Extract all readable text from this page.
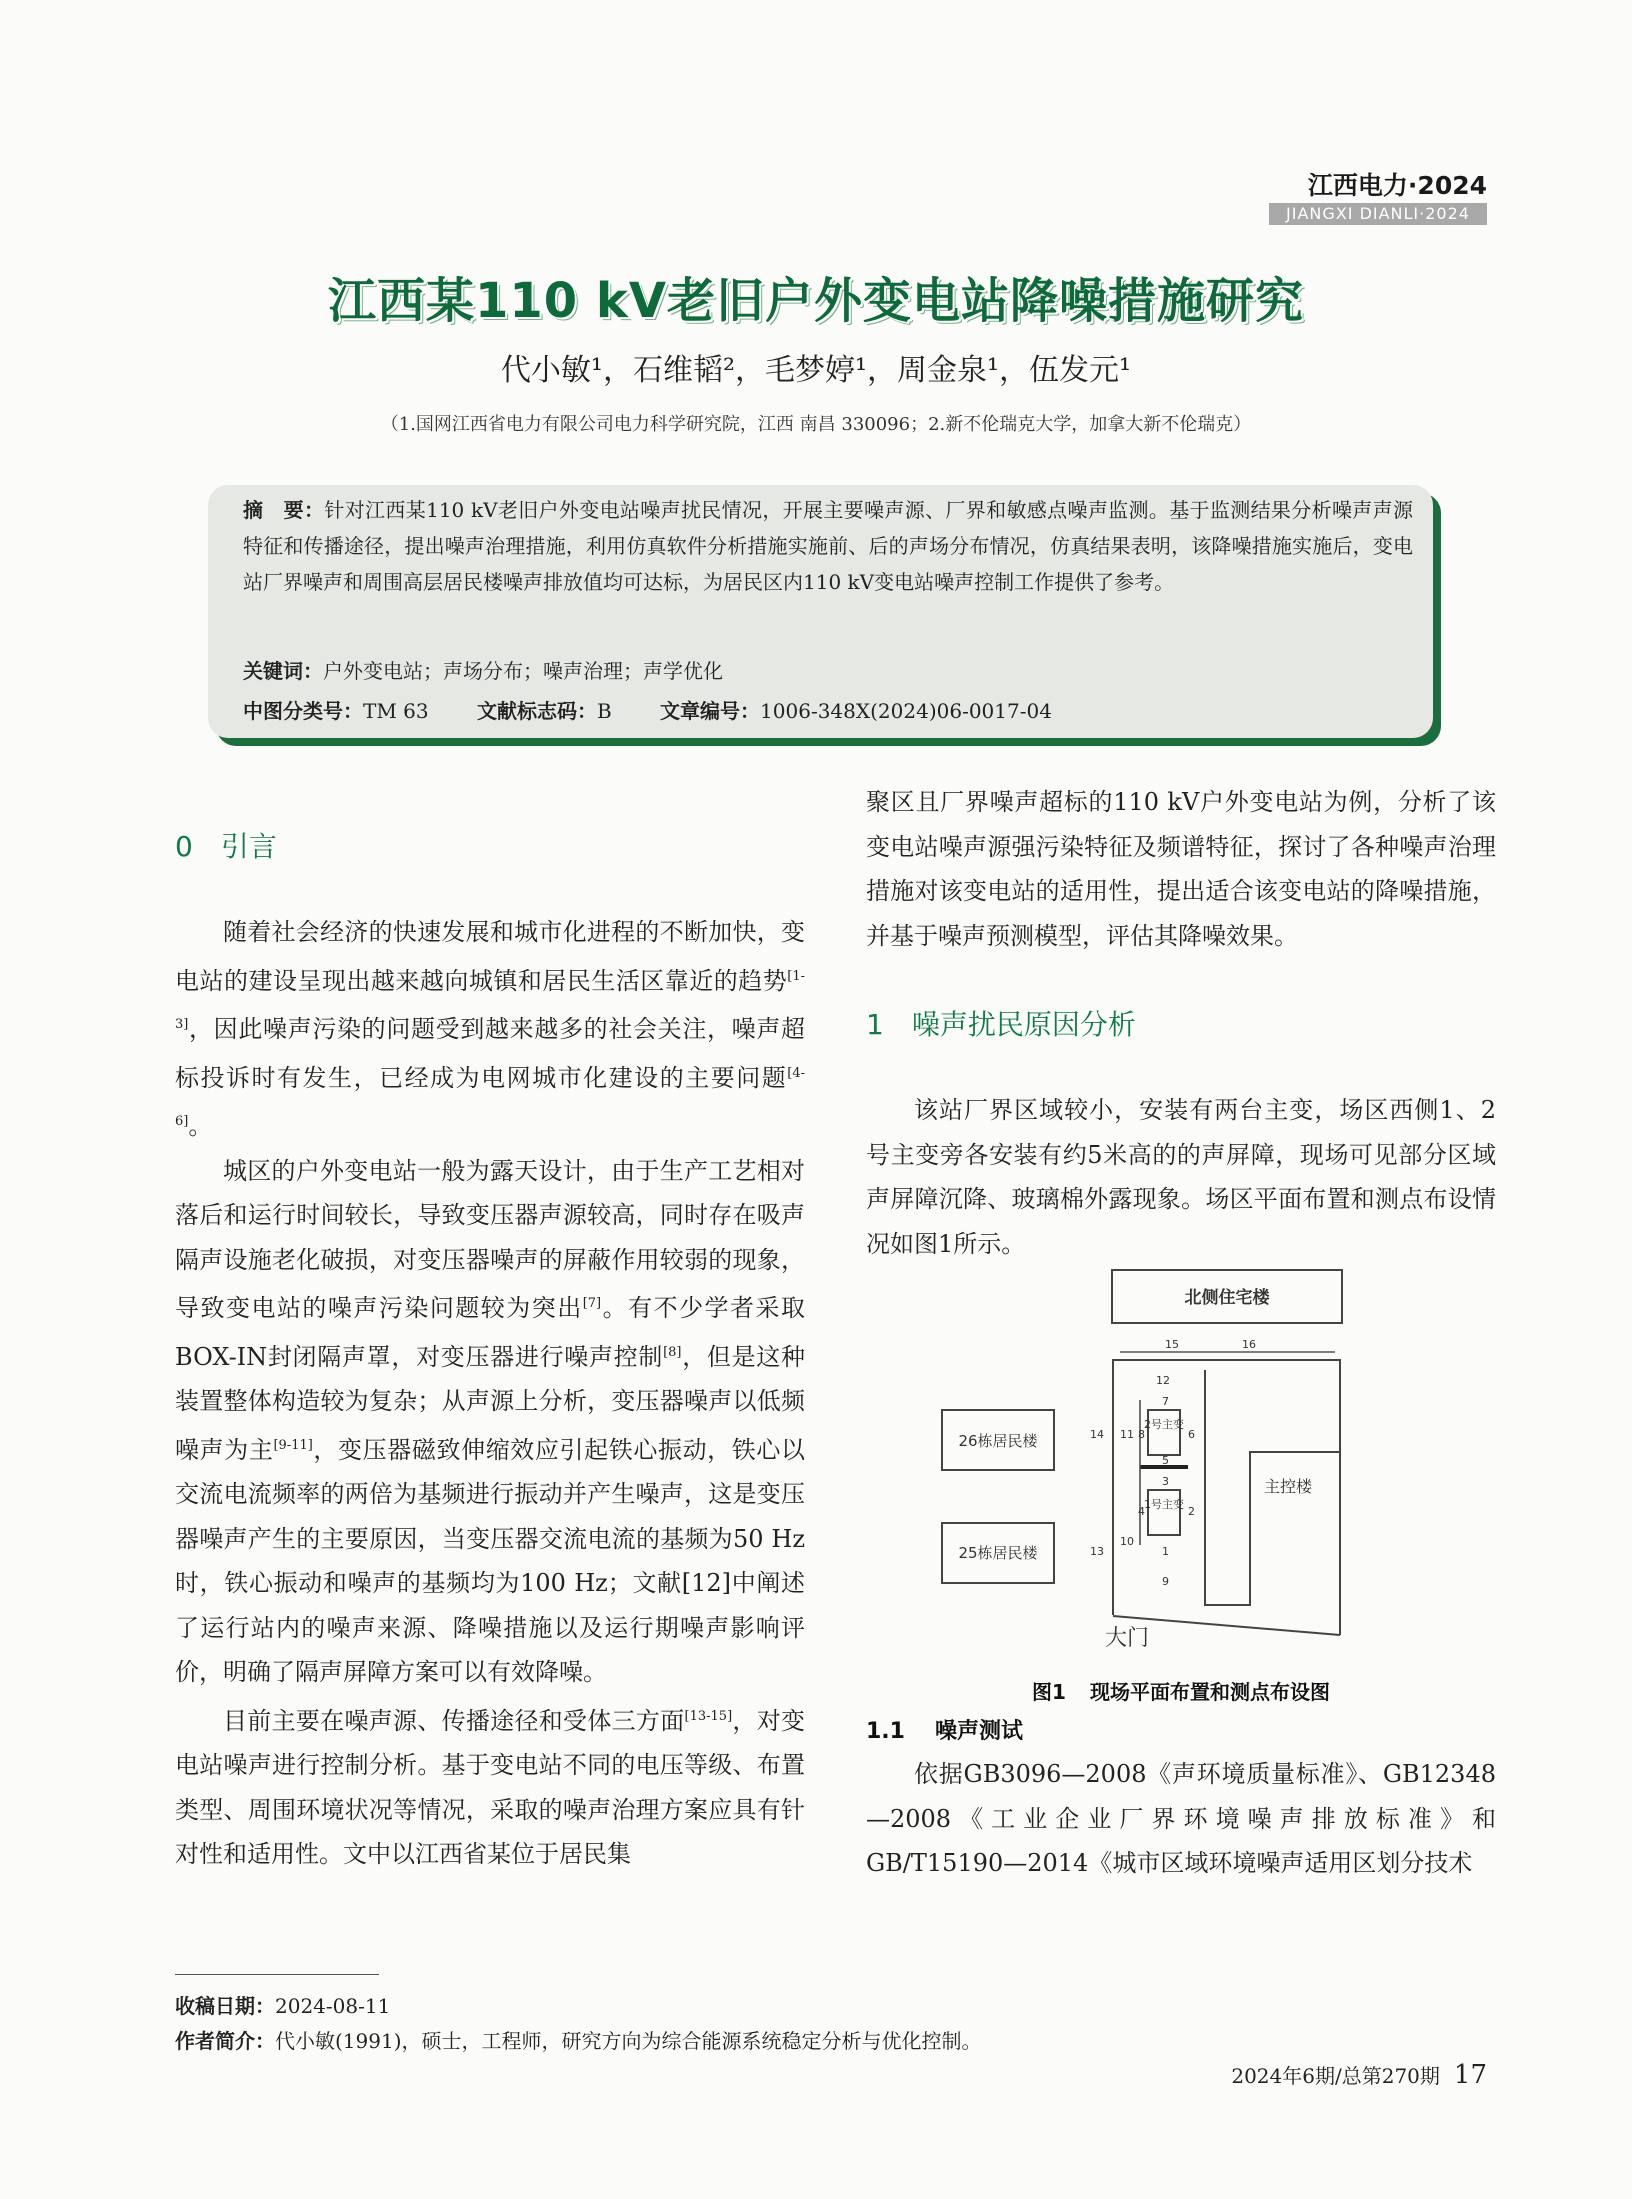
江西电力·2024
JIANGXI DIANLI·2024
江西某110 kV老旧户外变电站降噪措施研究
代小敏¹，石维韬²，毛梦婷¹，周金泉¹，伍发元¹
（1.国网江西省电力有限公司电力科学研究院，江西 南昌 330096；2.新不伦瑞克大学，加拿大新不伦瑞克）
摘　要：针对江西某110 kV老旧户外变电站噪声扰民情况，开展主要噪声源、厂界和敏感点噪声监测。基于监测结果分析噪声声源特征和传播途径，提出噪声治理措施，利用仿真软件分析措施实施前、后的声场分布情况，仿真结果表明，该降噪措施实施后，变电站厂界噪声和周围高层居民楼噪声排放值均可达标，为居民区内110 kV变电站噪声控制工作提供了参考。
关键词：户外变电站；声场分布；噪声治理；声学优化
中图分类号：TM 63 文献标志码：B 文章编号：1006-348X(2024)06-0017-04
0 引言

随着社会经济的快速发展和城市化进程的不断加快，变电站的建设呈现出越来越向城镇和居民生活区靠近的趋势[1-3]，因此噪声污染的问题受到越来越多的社会关注，噪声超标投诉时有发生，已经成为电网城市化建设的主要问题[4-6]。

城区的户外变电站一般为露天设计，由于生产工艺相对落后和运行时间较长，导致变压器声源较高，同时存在吸声隔声设施老化破损，对变压器噪声的屏蔽作用较弱的现象，导致变电站的噪声污染问题较为突出[7]。有不少学者采取BOX-IN封闭隔声罩，对变压器进行噪声控制[8]，但是这种装置整体构造较为复杂；从声源上分析，变压器噪声以低频噪声为主[9-11]，变压器磁致伸缩效应引起铁心振动，铁心以交流电流频率的两倍为基频进行振动并产生噪声，这是变压器噪声产生的主要原因，当变压器交流电流的基频为50 Hz时，铁心振动和噪声的基频均为100 Hz；文献[12]中阐述了运行站内的噪声来源、降噪措施以及运行期噪声影响评价，明确了隔声屏障方案可以有效降噪。

目前主要在噪声源、传播途径和受体三方面[13-15]，对变电站噪声进行控制分析。基于变电站不同的电压等级、布置类型、周围环境状况等情况，采取的噪声治理方案应具有针对性和适用性。文中以江西省某位于居民集

聚区且厂界噪声超标的110 kV户外变电站为例，分析了该变电站噪声源强污染特征及频谱特征，探讨了各种噪声治理措施对该变电站的适用性，提出适合该变电站的降噪措施，并基于噪声预测模型，评估其降噪效果。

1 噪声扰民原因分析

该站厂界区域较小，安装有两台主变，场区西侧1、2号主变旁各安装有约5米高的的声屏障，现场可见部分区域声屏障沉降、玻璃棉外露现象。场区平面布置和测点布设情况如图1所示。

北侧住宅楼
26栋居民楼
25栋居民楼
主控楼
2号主变
1号主变
大门
1
2
3
4
5
6
7
8
9
10
11
12
13
14
15	16
图1 现场平面布置和测点布设图
1.1 噪声测试

依据GB3096—2008《声环境质量标准》、GB12348—2008《工业企业厂界环境噪声排放标准》和GB/T15190—2014《城市区域环境噪声适用区划分技术

收稿日期：2024-08-11
作者简介：代小敏(1991)，硕士，工程师，研究方向为综合能源系统稳定分析与优化控制。
2024年6期/总第270期 17
